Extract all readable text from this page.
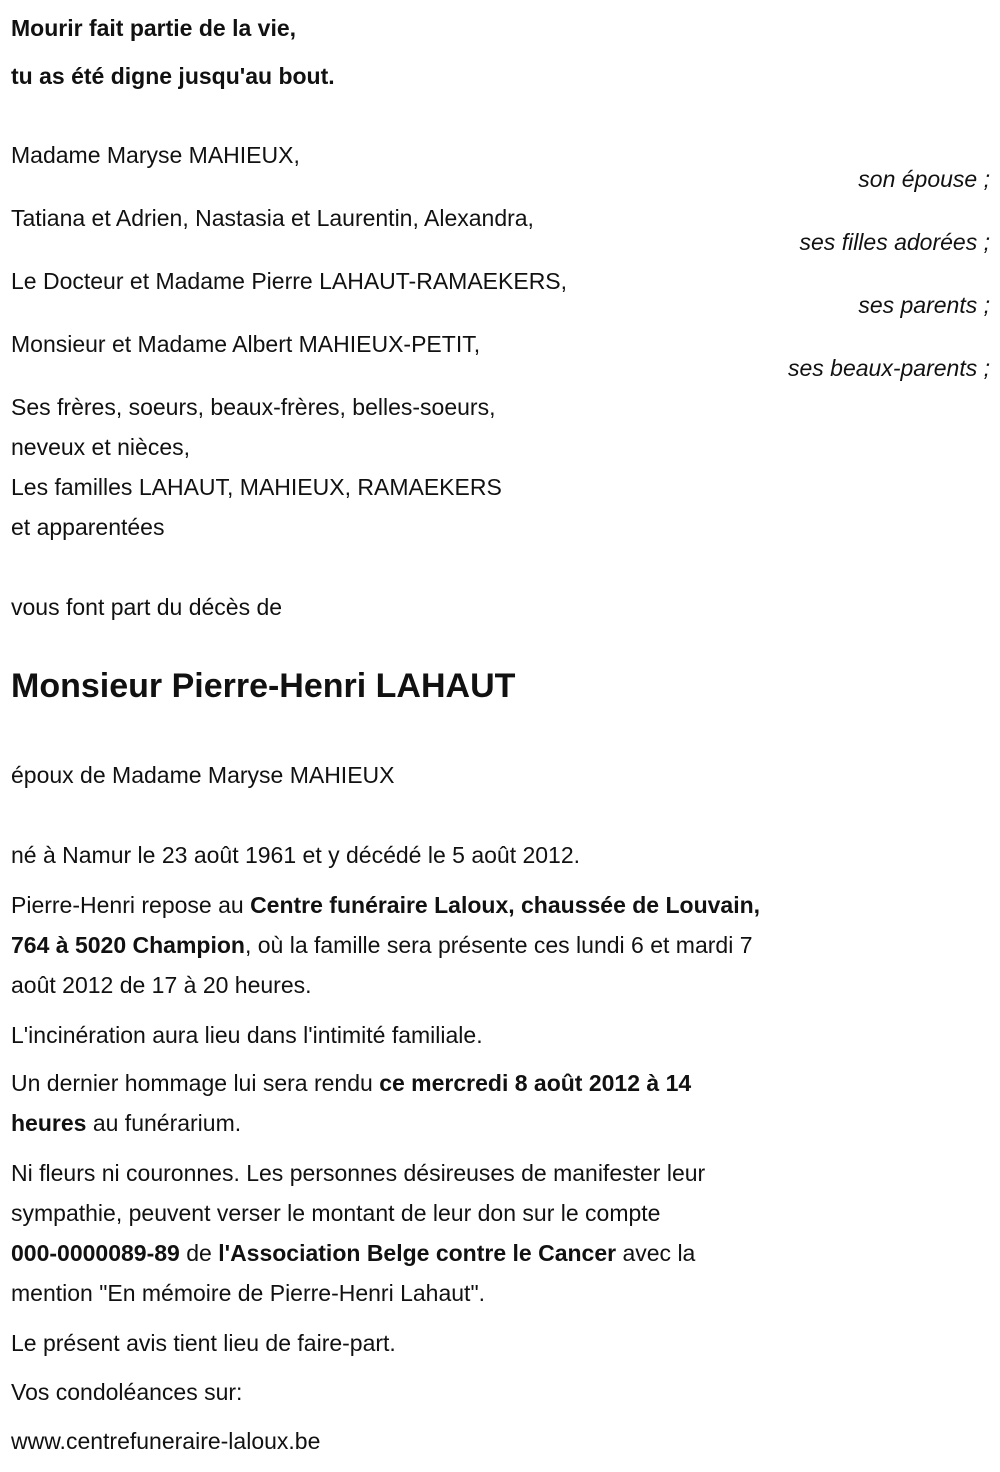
Mourir fait partie de la vie,
tu as été digne jusqu'au bout.
Madame Maryse MAHIEUX,
son épouse ;
Tatiana et Adrien, Nastasia et Laurentin, Alexandra,
ses filles adorées ;
Le Docteur et Madame Pierre LAHAUT-RAMAEKERS,
ses parents ;
Monsieur et Madame Albert MAHIEUX-PETIT,
ses beaux-parents ;
Ses frères, soeurs, beaux-frères, belles-soeurs,
neveux et nièces,
Les familles LAHAUT, MAHIEUX, RAMAEKERS
et apparentées
vous font part du décès de
Monsieur Pierre-Henri LAHAUT
époux de Madame Maryse MAHIEUX
né à Namur le 23 août 1961 et y décédé le 5 août 2012.
Pierre-Henri repose au Centre funéraire Laloux, chaussée de Louvain,
764 à 5020 Champion, où la famille sera présente ces lundi 6 et mardi 7
août 2012 de 17 à 20 heures.
L'incinération aura lieu dans l'intimité familiale.
Un dernier hommage lui sera rendu ce mercredi 8 août 2012 à 14
heures au funérarium.
Ni fleurs ni couronnes. Les personnes désireuses de manifester leur
sympathie, peuvent verser le montant de leur don sur le compte
000-0000089-89 de l'Association Belge contre le Cancer avec la
mention "En mémoire de Pierre-Henri Lahaut".
Le présent avis tient lieu de faire-part.
Vos condoléances sur:
www.centrefuneraire-laloux.be
